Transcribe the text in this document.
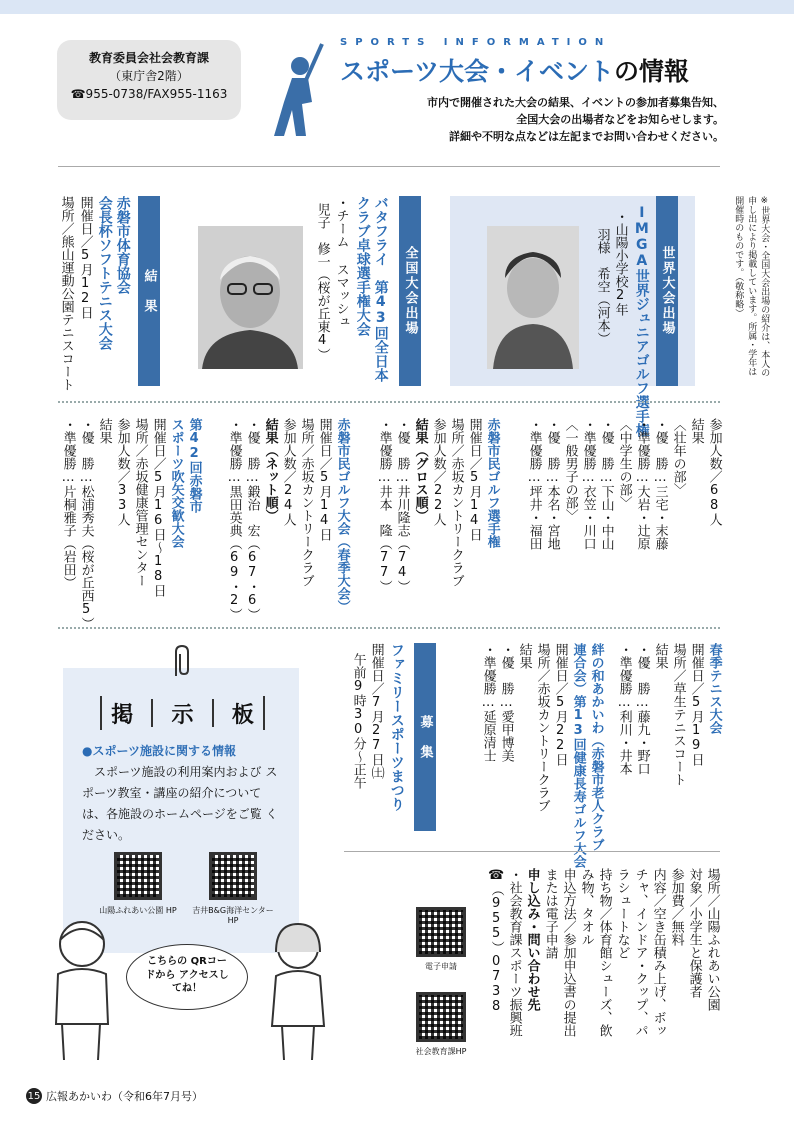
教育委員会社会教育課
（東庁舎2階）
☎955-0738/FAX955-1163
SPORTS INFORMATION
スポーツ大会・イベントの情報
市内で開催された大会の結果、イベントの参加者募集告知、
全国大会の出場者などをお知らせします。
詳細や不明な点などは左記までお問い合わせください。
※世界大会・全国大会出場の紹介は、本人の
申し出により掲載しています。所属・学年は
開催時のものです。（敬称略）
世界大会出場
IMGA世界ジュニアゴルフ選手権
・山陽小学校2年
羽様　希空（河本）
全国大会出場
バタフライ　第43回全日本
クラブ卓球選手権大会
・チーム スマッシュ
児子　修一（桜が丘東4）
結　果
赤磐市体育協会
会長杯ソフトテニス大会
開催日／5月12日
場所／熊山運動公園テニスコート
参加人数／68人
結果
〈壮年の部〉
・優　勝…三宅・末藤
・準優勝…大岩・辻原
〈中学生の部〉
・優　勝…下山・中山
・準優勝…衣笠・川口
〈一般男子の部〉
・優　勝…本名・宮地
・準優勝…坪井・福田
赤磐市民ゴルフ選手権
開催日／5月14日
場所／赤坂カントリークラブ
参加人数／22人
結果（グロス順）
・優　勝…井川隆志（74）
・準優勝…井本　隆（77）
赤磐市民ゴルフ大会（春季大会）
開催日／5月14日
場所／赤坂カントリークラブ
参加人数／24人
結果（ネット順）
・優　勝…鍛治　宏（67・6）
・準優勝…黒田英典（69・2）
第42回赤磐市
スポーツ吹矢交歓大会
開催日／5月16日～18日
場所／赤坂健康管理センター
参加人数／33人
結果
・優　勝…松浦秀夫（桜が丘西5）
・準優勝…片桐雅子（岩田）
春季テニス大会
開催日／5月19日
場所／草生テニスコート
結果
・優　勝…藤九・野口
・準優勝…利川・井本
絆の和あかいわ（赤磐市老人クラブ
連合会）第13回健康長寿ゴルフ大会
開催日／5月22日
場所／赤坂カントリークラブ
結果
・優　勝…愛甲博美
・準優勝…延原清士
募　集
ファミリースポーツまつり
開催日／7月27日㈯
午前9時30分～正午
場所／山陽ふれあい公園
対象／小学生と保護者
参加費／無料
内容／空き缶積み上げ、ボッ
チャ、インドア・クップ、パ
ラシュートなど
持ち物／体育館シューズ、飲
み物、タオル
申込方法／参加申込書の提出
または電子申請
申し込み・問い合わせ先
・社会教育課スポーツ振興班
☎（955）0738
電子申請
社会教育課HP
掲 示 板
●スポーツ施設に関する情報
スポーツ施設の利用案内および スポーツ教室・講座の紹介について は、各施設のホームページをご覧 ください。
山陽ふれあい公園 HP	吉井B&G海洋センター HP
こちらの QRコードから アクセスしてね！
15 広報あかいわ（令和6年7月号）
